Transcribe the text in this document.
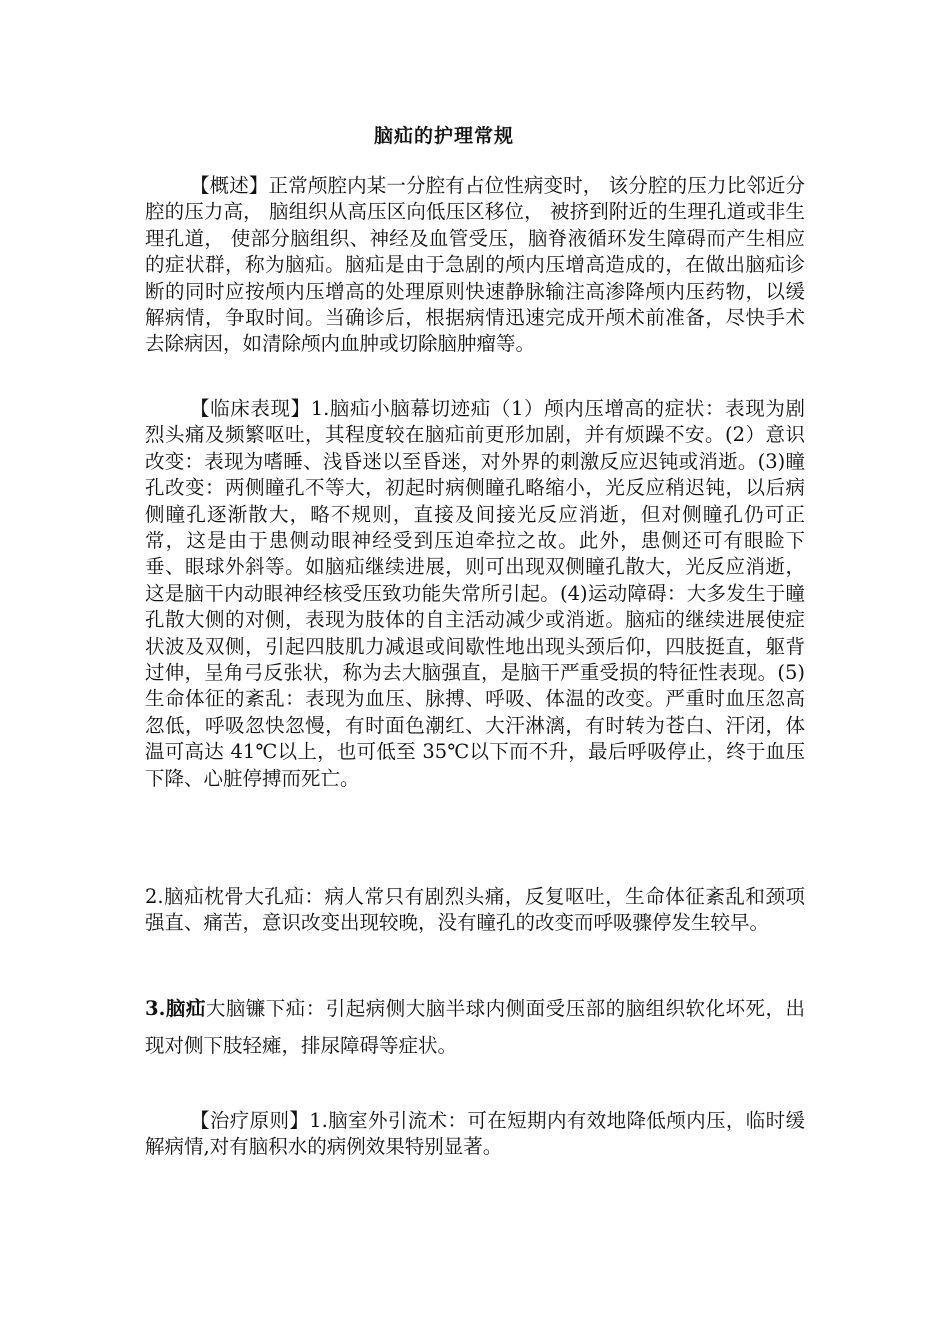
脑疝的护理常规

【概述】正常颅腔内某一分腔有占位性病变时， 该分腔的压力比邻近分腔的压力高， 脑组织从高压区向低压区移位， 被挤到附近的生理孔道或非生理孔道， 使部分脑组织、神经及血管受压，脑脊液循环发生障碍而产生相应的症状群，称为脑疝。脑疝是由于急剧的颅内压增高造成的，在做出脑疝诊断的同时应按颅内压增高的处理原则快速静脉输注高渗降颅内压药物，以缓解病情，争取时间。当确诊后，根据病情迅速完成开颅术前准备，尽快手术去除病因，如清除颅内血肿或切除脑肿瘤等。

【临床表现】1.脑疝小脑幕切迹疝（1）颅内压增高的症状：表现为剧烈头痛及频繁呕吐，其程度较在脑疝前更形加剧，并有烦躁不安。(2）意识改变：表现为嗜睡、浅昏迷以至昏迷，对外界的刺激反应迟钝或消逝。(3)瞳孔改变：两侧瞳孔不等大，初起时病侧瞳孔略缩小，光反应稍迟钝，以后病侧瞳孔逐渐散大，略不规则，直接及间接光反应消逝，但对侧瞳孔仍可正常，这是由于患侧动眼神经受到压迫牵拉之故。此外，患侧还可有眼睑下垂、眼球外斜等。如脑疝继续进展，则可出现双侧瞳孔散大，光反应消逝，这是脑干内动眼神经核受压致功能失常所引起。(4)运动障碍：大多发生于瞳孔散大侧的对侧，表现为肢体的自主活动减少或消逝。脑疝的继续进展使症状波及双侧，引起四肢肌力减退或间歇性地出现头颈后仰，四肢挺直，躯背过伸，呈角弓反张状，称为去大脑强直，是脑干严重受损的特征性表现。(5)生命体征的紊乱：表现为血压、脉搏、呼吸、体温的改变。严重时血压忽高忽低，呼吸忽快忽慢，有时面色潮红、大汗淋漓，有时转为苍白、汗闭，体温可高达 41℃以上，也可低至 35℃以下而不升，最后呼吸停止，终于血压下降、心脏停搏而死亡。

2.脑疝枕骨大孔疝：病人常只有剧烈头痛，反复呕吐，生命体征紊乱和颈项强直、痛苦，意识改变出现较晚，没有瞳孔的改变而呼吸骤停发生较早。

3.脑疝大脑镰下疝：引起病侧大脑半球内侧面受压部的脑组织软化坏死，出现对侧下肢轻瘫，排尿障碍等症状。

【治疗原则】1.脑室外引流术：可在短期内有效地降低颅内压，临时缓解病情,对有脑积水的病例效果特别显著。
